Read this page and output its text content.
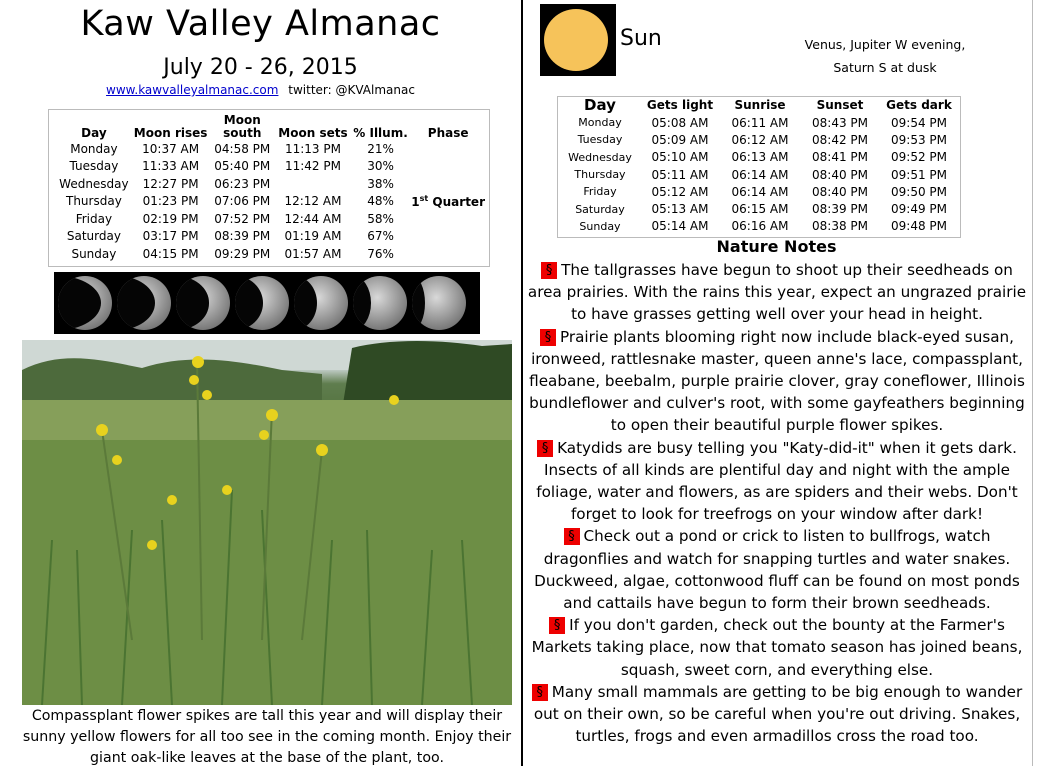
Kaw Valley Almanac
July 20 - 26, 2015
www.kawvalleyalmanac.com twitter: @KVAlmanac
Day	Moon rises	Moon south	Moon sets	% Illum.	Phase
Monday	10:37 AM	04:58 PM	11:13 PM	21%	
Tuesday	11:33 AM	05:40 PM	11:42 PM	30%	
Wednesday	12:27 PM	06:23 PM		38%	
Thursday	01:23 PM	07:06 PM	12:12 AM	48%	1st Quarter
Friday	02:19 PM	07:52 PM	12:44 AM	58%	
Saturday	03:17 PM	08:39 PM	01:19 AM	67%	
Sunday	04:15 PM	09:29 PM	01:57 AM	76%	
Compassplant flower spikes are tall this year and will display their sunny yellow flowers for all too see in the coming month. Enjoy their giant oak-like leaves at the base of the plant, too.
Sun	Venus, Jupiter W evening,
Saturn S at dusk
Day	Gets light	Sunrise	Sunset	Gets dark
Monday	05:08 AM	06:11 AM	08:43 PM	09:54 PM
Tuesday	05:09 AM	06:12 AM	08:42 PM	09:53 PM
Wednesday	05:10 AM	06:13 AM	08:41 PM	09:52 PM
Thursday	05:11 AM	06:14 AM	08:40 PM	09:51 PM
Friday	05:12 AM	06:14 AM	08:40 PM	09:50 PM
Saturday	05:13 AM	06:15 AM	08:39 PM	09:49 PM
Sunday	05:14 AM	06:16 AM	08:38 PM	09:48 PM
Nature Notes
§ The tallgrasses have begun to shoot up their seedheads on area prairies. With the rains this year, expect an ungrazed prairie to have grasses getting well over your head in height.
§ Prairie plants blooming right now include black-eyed susan, ironweed, rattlesnake master, queen anne's lace, compassplant, fleabane, beebalm, purple prairie clover, gray coneflower, Illinois bundleflower and culver's root, with some gayfeathers beginning to open their beautiful purple flower spikes.
§ Katydids are busy telling you "Katy-did-it" when it gets dark. Insects of all kinds are plentiful day and night with the ample foliage, water and flowers, as are spiders and their webs. Don't forget to look for treefrogs on your window after dark!
§ Check out a pond or crick to listen to bullfrogs, watch dragonflies and watch for snapping turtles and water snakes. Duckweed, algae, cottonwood fluff can be found on most ponds and cattails have begun to form their brown seedheads.
§ If you don't garden, check out the bounty at the Farmer's Markets taking place, now that tomato season has joined beans, squash, sweet corn, and everything else.
§ Many small mammals are getting to be big enough to wander out on their own, so be careful when you're out driving. Snakes, turtles, frogs and even armadillos cross the road too.
